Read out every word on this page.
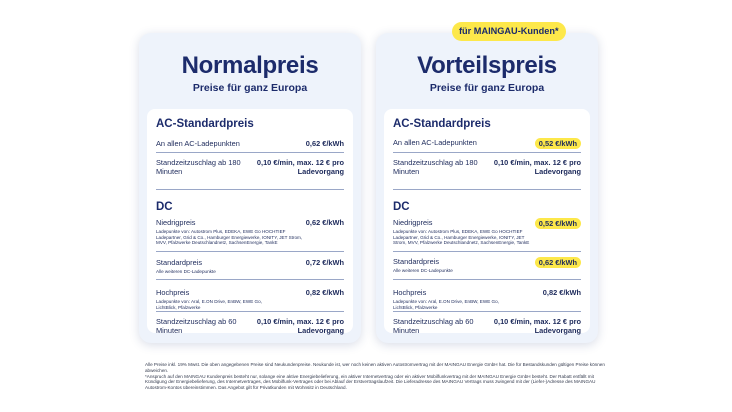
Normalpreis
Preise für ganz Europa
AC-Standardpreis
An allen AC-Ladepunkten	0,62 €/kWh
Standzeitzuschlag ab 180 Minuten
0,10 €/min, max. 12 € pro Ladevorgang
DC
Niedrigpreis
Ladepunkte von: Autostrom Plus, EDEKA, EWE Go HOCHTIEF Ladepartner, Grid & Co., Hamburger Energiewerke, IONITY, JET Strom, MVV, Pfalzwerke Deutschlandnetz, SachsenEnergie, TankE
0,62 €/kWh
Standardpreis
Alle weiteren DC-Ladepunkte
0,72 €/kWh
Hochpreis
Ladepunkte von: Aral, E.ON Drive, EnBW, EWE Go, LichtBlick, Pfalzwerke
0,82 €/kWh
Standzeitzuschlag ab 60 Minuten
0,10 €/min, max. 12 € pro Ladevorgang
Vorteilspreis
Preise für ganz Europa
AC-Standardpreis
An allen AC-Ladepunkten	0,52 €/kWh
Standzeitzuschlag ab 180 Minuten
0,10 €/min, max. 12 € pro Ladevorgang
DC
Niedrigpreis
Ladepunkte von: Autostrom Plus, EDEKA, EWE Go HOCHTIEF Ladepartner, Grid & Co., Hamburger Energiewerke, IONITY, JET Strom, MVV, Pfalzwerke Deutschlandnetz, SachsenEnergie, TankE
0,52 €/kWh
Standardpreis
Alle weiteren DC-Ladepunkte
0,62 €/kWh
Hochpreis
Ladepunkte von: Aral, E.ON Drive, EnBW, EWE Go, LichtBlick, Pfalzwerke
0,82 €/kWh
Standzeitzuschlag ab 60 Minuten
0,10 €/min, max. 12 € pro Ladevorgang
für MAINGAU-Kunden*
Alle Preise inkl. 19% Mwst. Die oben angegebenen Preise sind Neukundenpreise. Neukunde ist, wer noch keinen aktiven Autostromvertrag mit der MAINGAU Energie GmbH hat. Die für Bestandskunden gültigen Preise können abweichen.
*Anspruch auf den MAINGAU Kundenpreis besteht nur, solange eine aktive Energiebelieferung, ein aktiver Internetvertrag oder ein aktiver Mobilfunkvertrag mit der MAINGAU Energie GmbH besteht. Der Rabatt entfällt mit Kündigung der Energiebelieferung, des Internetvertrages, des Mobilfunk-Vertrages oder bei Ablauf der Erstvertragslaufzeit. Die Lieferadresse des MAINGAU Vertrags muss zwingend mit der (Liefer-)Adresse des MAINGAU Autostrom-Kontos übereinstimmen. Das Angebot gilt für Privatkunden mit Wohnsitz in Deutschland.
